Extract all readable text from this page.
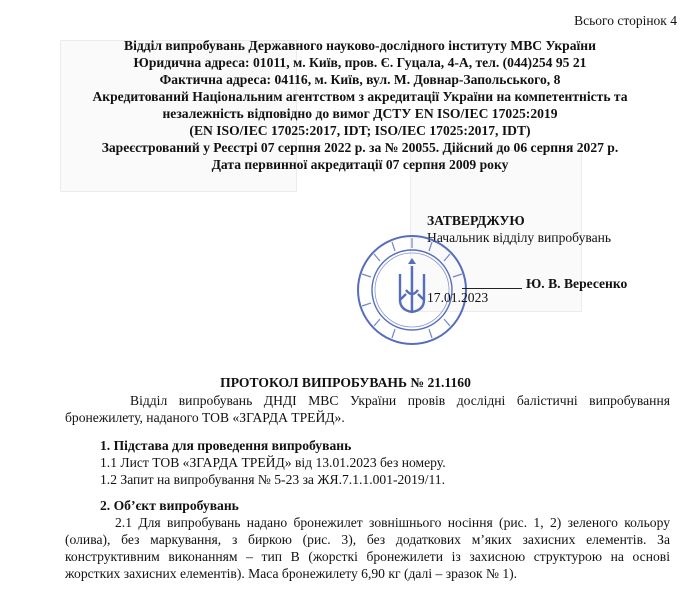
Всього сторінок 4
Відділ випробувань Державного науково-дослідного інституту МВС України
Юридична адреса: 01011, м. Київ, пров. Є. Гуцала, 4-А, тел. (044)254 95 21
Фактична адреса: 04116, м. Київ, вул. М. Довнар-Запольського, 8
Акредитований Національним агентством з акредитації України на компетентність та
незалежність відповідно до вимог ДСТУ EN ISO/IEC 17025:2019
(EN ISO/IEC 17025:2017, IDT; ISO/IEC 17025:2017, IDT)
Зареєстрований у Реєстрі 07 серпня 2022 р. за № 20055. Дійсний до 06 серпня 2027 р.
Дата первинної акредитації 07 серпня 2009 року
ЗАТВЕРДЖУЮ
Начальник відділу випробувань
Ю. В. Вересенко
17.01.2023
ПРОТОКОЛ ВИПРОБУВАНЬ № 21.1160
Відділ випробувань ДНДІ МВС України провів дослідні балістичні випробування бронежилету, наданого ТОВ «ЗГАРДА ТРЕЙД».
1. Підстава для проведення випробувань
1.1 Лист ТОВ «ЗГАРДА ТРЕЙД» від 13.01.2023 без номеру.
1.2 Запит на випробування № 5-23 за ЖЯ.7.1.1.001-2019/11.
2. Об’єкт випробувань
2.1 Для випробувань надано бронежилет зовнішнього носіння (рис. 1, 2) зеленого кольору (олива), без маркування, з биркою (рис. 3), без додаткових м’яких захисних елементів. За конструктивним виконанням – тип В (жорсткі бронежилети із захисною структурою на основі жорстких захисних елементів). Маса бронежилету 6,90 кг (далі – зразок № 1).
